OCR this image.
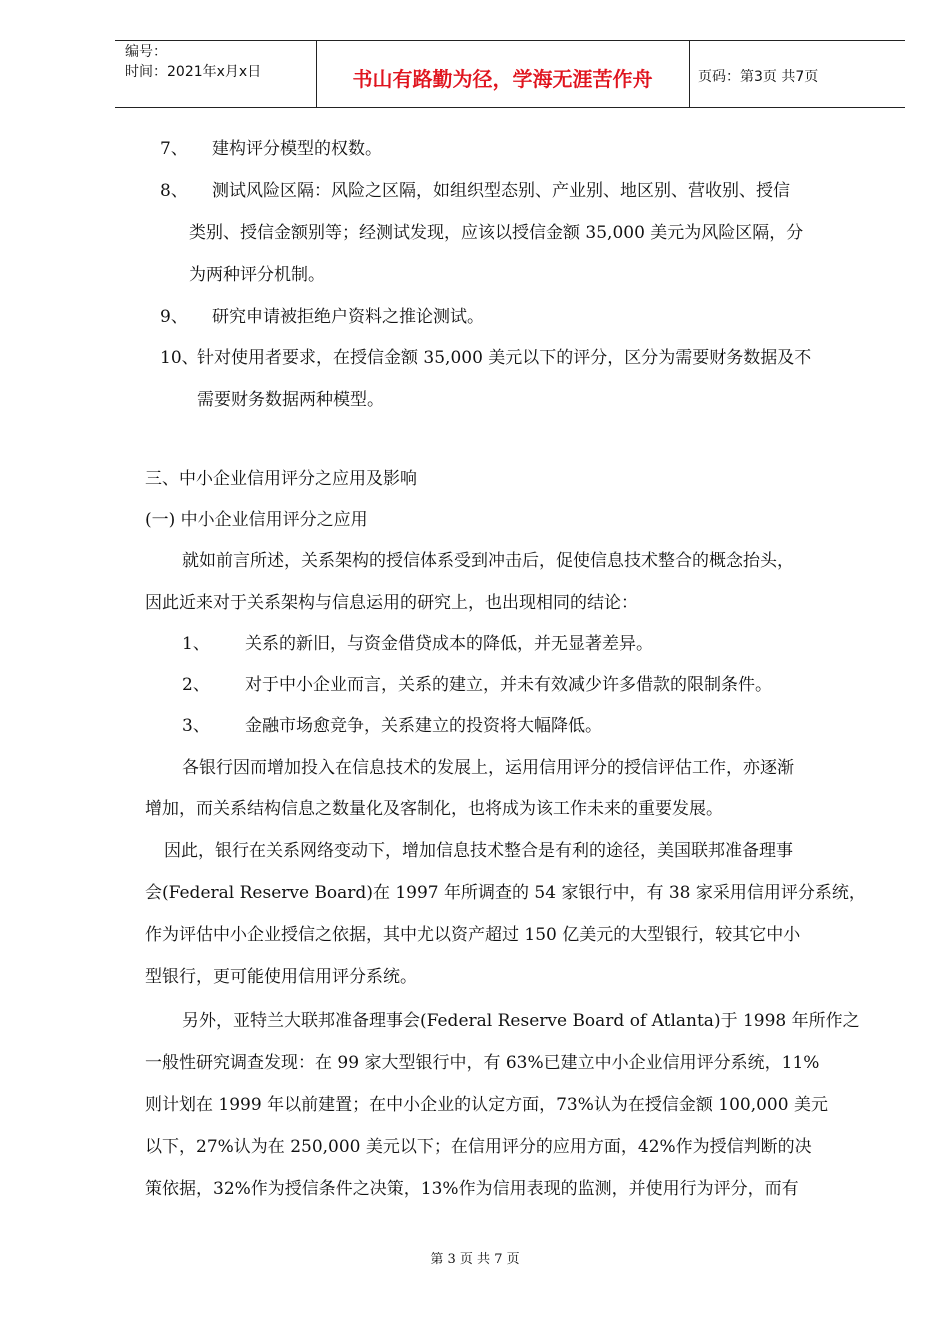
编号：
时间：2021年x月x日	书山有路勤为径，学海无涯苦作舟	页码：第3页 共7页
7、 建构评分模型的权数。
8、 测试风险区隔：风险之区隔，如组织型态别、产业别、地区别、营收别、授信
类别、授信金额别等；经测试发现，应该以授信金额 35,000 美元为风险区隔，分
为两种评分机制。
9、 研究申请被拒绝户资料之推论测试。
10、
针对使用者要求，在授信金额 35,000 美元以下的评分，区分为需要财务数据及不
需要财务数据两种模型。
三、中小企业信用评分之应用及影响
(一) 中小企业信用评分之应用
就如前言所述，关系架构的授信体系受到冲击后，促使信息技术整合的概念抬头，
因此近来对于关系架构与信息运用的研究上，也出现相同的结论：
1、 关系的新旧，与资金借贷成本的降低，并无显著差异。
2、 对于中小企业而言，关系的建立，并未有效减少许多借款的限制条件。
3、 金融市场愈竞争，关系建立的投资将大幅降低。
各银行因而增加投入在信息技术的发展上，运用信用评分的授信评估工作，亦逐渐
增加，而关系结构信息之数量化及客制化，也将成为该工作未来的重要发展。
因此，银行在关系网络变动下，增加信息技术整合是有利的途径，美国联邦准备理事
会(Federal Reserve Board)在 1997 年所调查的 54 家银行中，有 38 家采用信用评分系统，
作为评估中小企业授信之依据，其中尤以资产超过 150 亿美元的大型银行，较其它中小
型银行，更可能使用信用评分系统。
另外，亚特兰大联邦准备理事会(Federal Reserve Board of Atlanta)于 1998 年所作之
一般性研究调查发现：在 99 家大型银行中，有 63%已建立中小企业信用评分系统，11%
则计划在 1999 年以前建置；在中小企业的认定方面，73%认为在授信金额 100,000 美元
以下，27%认为在 250,000 美元以下；在信用评分的应用方面，42%作为授信判断的决
策依据，32%作为授信条件之决策，13%作为信用表现的监测，并使用行为评分，而有
第 3 页 共 7 页
